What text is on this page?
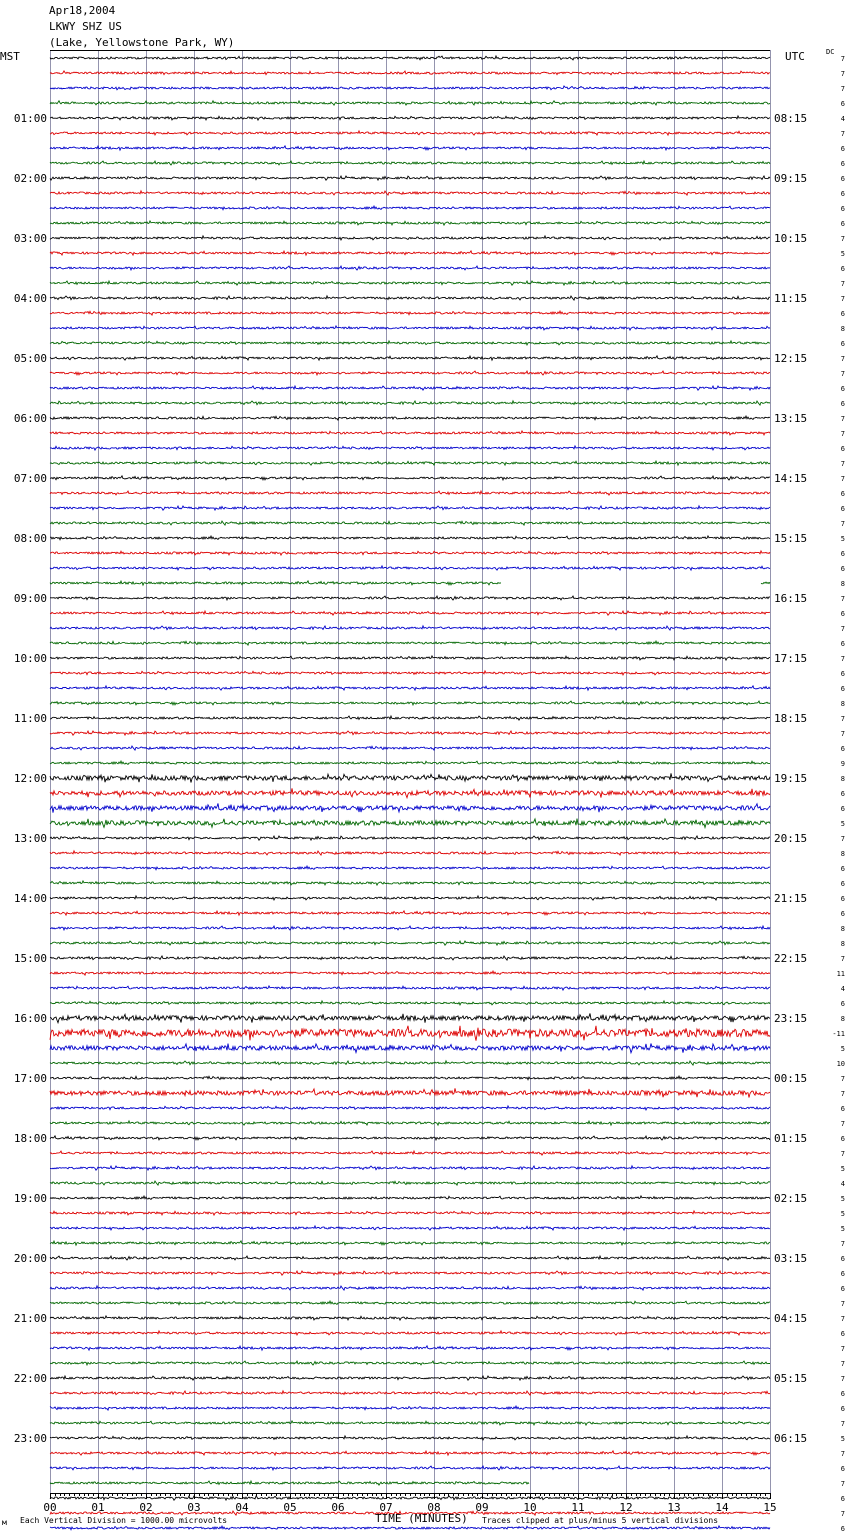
00	01	02	03	04	05	06	07	08	09	10	11	12	13	14	15
01:00
02:00
03:00
04:00
05:00
06:00
07:00
08:00
09:00
10:00
11:00
12:00
13:00
14:00
15:00
16:00
17:00
18:00
19:00
20:00
21:00
22:00
23:00
08:15
09:15
10:15
11:15
12:15
13:15
14:15
15:15
16:15
17:15
18:15
19:15
20:15
21:15
22:15
23:15
00:15
01:15
02:15
03:15
04:15
05:15
06:15
7
7
7
6
4
7
6
6
6
6
6
6
7
5
6
7
7
6
8
6
7
7
6
6
7
7
6
7
7
6
6
7
5
6
6
8
7
6
7
6
7
6
6
8
7
7
6
9
8
6
6
5
7
8
6
6
6
6
8
8
7
11
4
6
8
-11
5
10
7
7
6
7
6
7
5
4
5
5
5
7
6
6
6
7
7
6
7
7
7
6
6
7
5
7
6
7
6
7
6
Apr18,2004
LKWY SHZ US
(Lake, Yellowstone Park, WY)
MST	UTC	DC
TIME (MINUTES)
м Each Vertical Division = 1000.00 microvolts	Traces clipped at plus/minus 5 vertical divisions
